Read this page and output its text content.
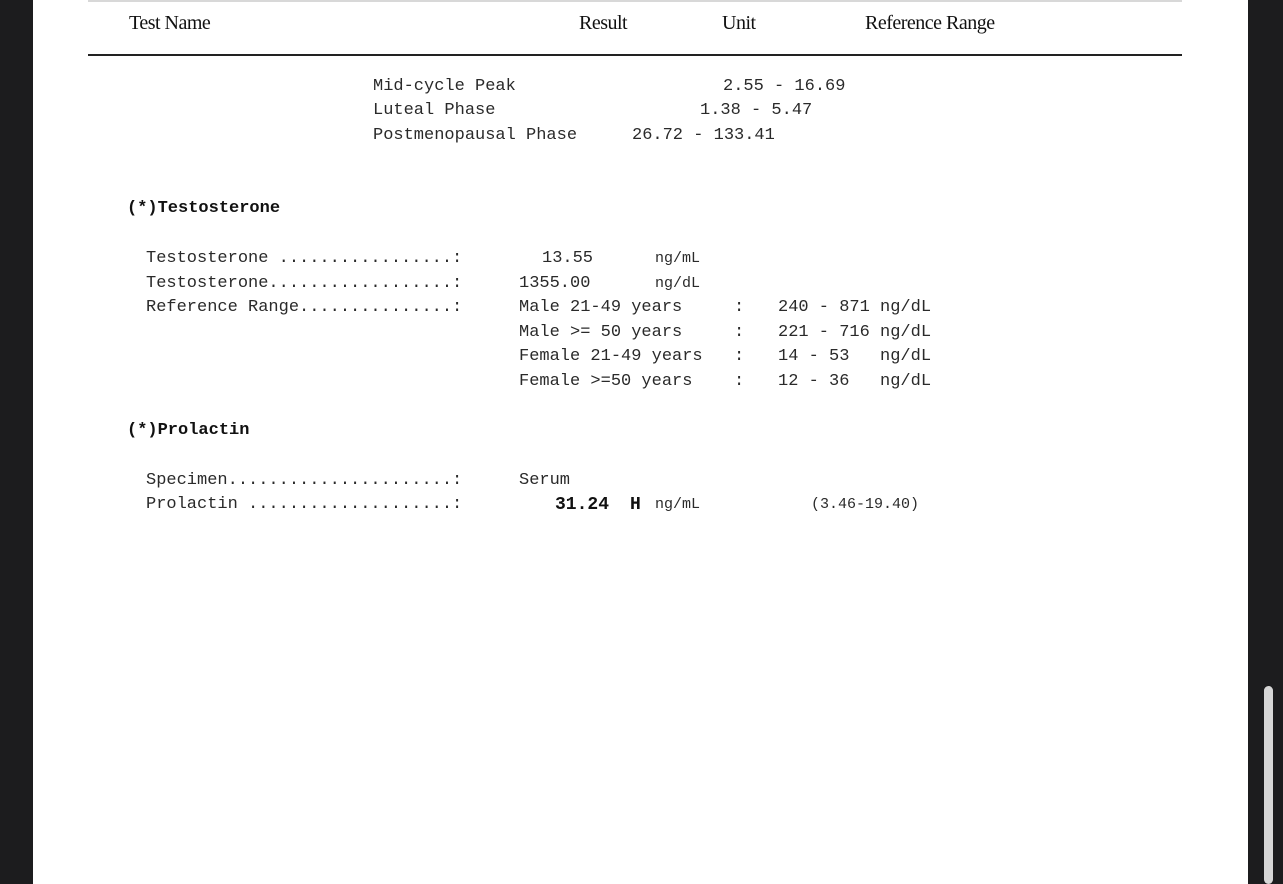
Test Name	Result	Unit	Reference Range
Mid-cycle Peak	2.55 - 16.69
Luteal Phase	1.38 - 5.47
Postmenopausal Phase	26.72 - 133.41
(*)Testosterone
Testosterone .................:	13.55	ng/mL
Testosterone..................:	1355.00	ng/dL
Reference Range...............:	Male 21-49 years	: 240 - 871 ng/dL
Male >= 50 years	: 221 - 716 ng/dL
Female 21-49 years : 14 - 53   ng/dL
Female >=50 years : 12 - 36   ng/dL
(*)Prolactin
Specimen......................:	Serum
Prolactin ....................:	31.24 H ng/mL	(3.46-19.40)
